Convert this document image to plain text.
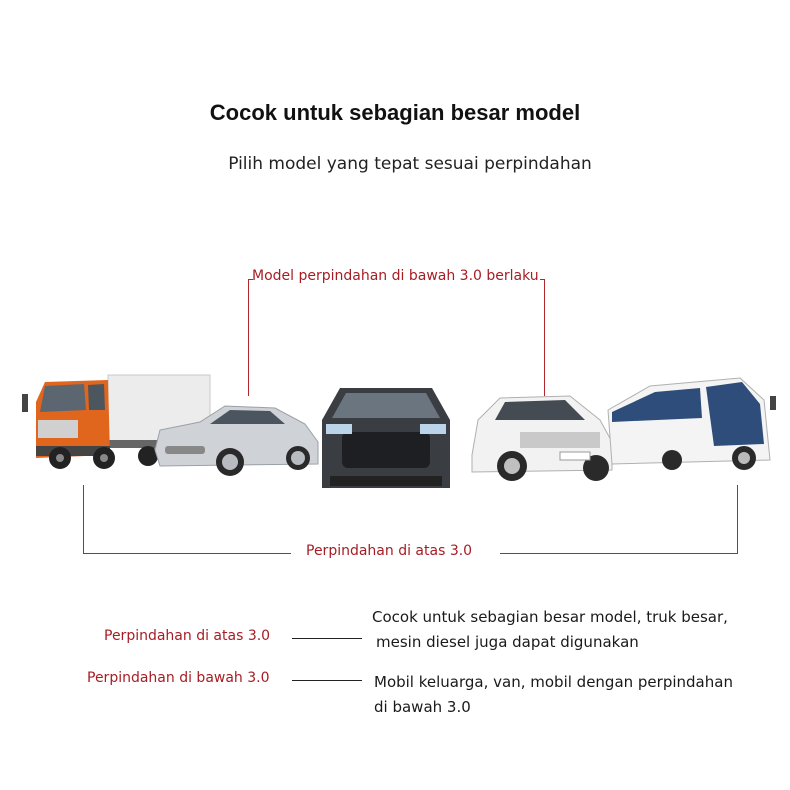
Cocok untuk sebagian besar model
Pilih model yang tepat sesuai perpindahan
Model perpindahan di bawah 3.0 berlaku
Perpindahan di atas 3.0
Perpindahan di atas 3.0
Cocok untuk sebagian besar model, truk besar,
mesin diesel juga dapat digunakan
Perpindahan di bawah 3.0	Mobil keluarga, van, mobil dengan perpindahan
di bawah 3.0
